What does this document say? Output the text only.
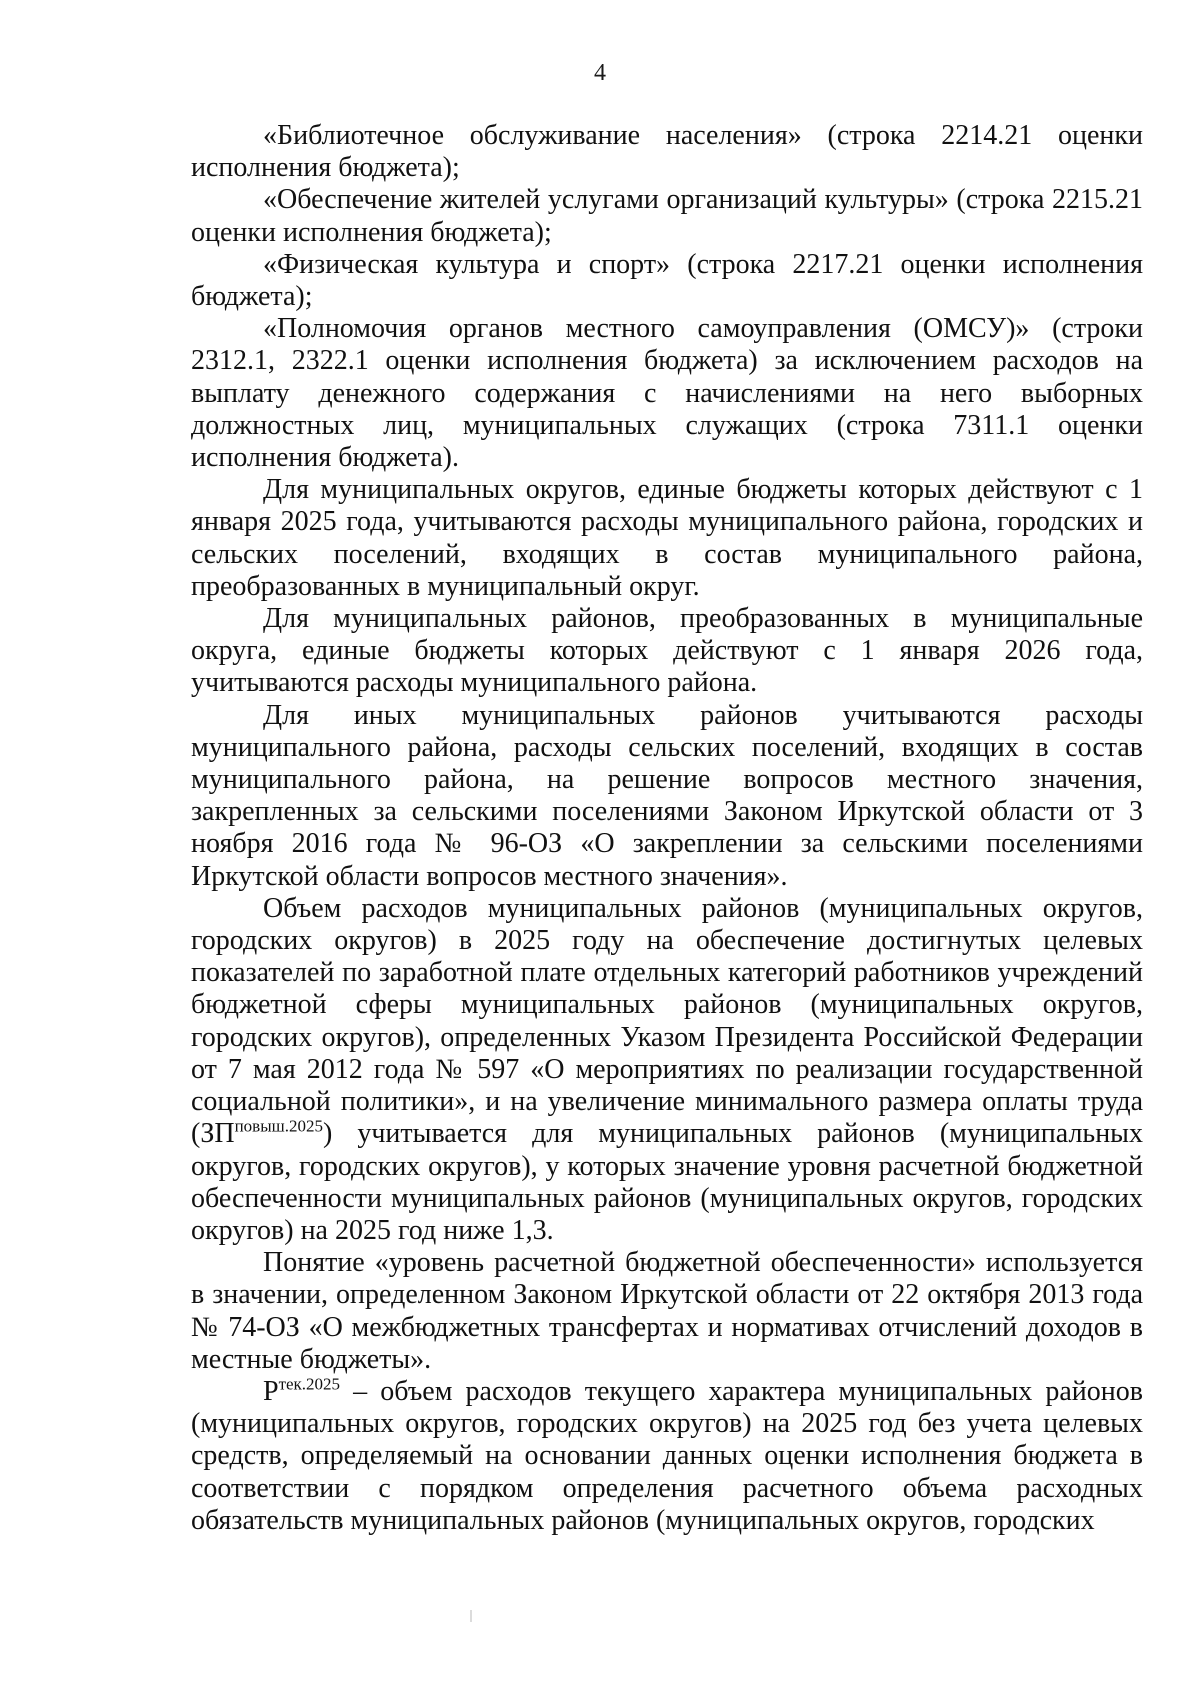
4

«Библиотечное обслуживание населения» (строка 2214.21 оценки исполнения бюджета);

«Обеспечение жителей услугами организаций культуры» (строка 2215.21 оценки исполнения бюджета);

«Физическая культура и спорт» (строка 2217.21 оценки исполнения бюджета);

«Полномочия органов местного самоуправления (ОМСУ)» (строки 2312.1, 2322.1 оценки исполнения бюджета) за исключением расходов на выплату денежного содержания с начислениями на него выборных должностных лиц, муниципальных служащих (строка 7311.1 оценки исполнения бюджета).

Для муниципальных округов, единые бюджеты которых действуют с 1 января 2025 года, учитываются расходы муниципального района, городских и сельских поселений, входящих в состав муниципального района, преобразованных в муниципальный округ.

Для муниципальных районов, преобразованных в муниципальные округа, единые бюджеты которых действуют с 1 января 2026 года, учитываются расходы муниципального района.

Для иных муниципальных районов учитываются расходы муниципального района, расходы сельских поселений, входящих в состав муниципального района, на решение вопросов местного значения, закрепленных за сельскими поселениями Законом Иркутской области от 3 ноября 2016 года № 96-ОЗ «О закреплении за сельскими поселениями Иркутской области вопросов местного значения».

Объем расходов муниципальных районов (муниципальных округов, городских округов) в 2025 году на обеспечение достигнутых целевых показателей по заработной плате отдельных категорий работников учреждений бюджетной сферы муниципальных районов (муниципальных округов, городских округов), определенных Указом Президента Российской Федерации от 7 мая 2012 года № 597 «О мероприятиях по реализации государственной социальной политики», и на увеличение минимального размера оплаты труда $(ЗП^{повыш.2025})$ учитывается для муниципальных районов (муниципальных округов, городских округов), у которых значение уровня расчетной бюджетной обеспеченности муниципальных районов (муниципальных округов, городских округов) на 2025 год ниже 1,3.

Понятие «уровень расчетной бюджетной обеспеченности» используется в значении, определенном Законом Иркутской области от 22 октября 2013 года № 74-ОЗ «О межбюджетных трансфертах и нормативах отчислений доходов в местные бюджеты».

$P^{тек.2025}$ – объем расходов текущего характера муниципальных районов (муниципальных округов, городских округов) на 2025 год без учета целевых средств, определяемый на основании данных оценки исполнения бюджета в соответствии с порядком определения расчетного объема расходных обязательств муниципальных районов (муниципальных округов, городских
